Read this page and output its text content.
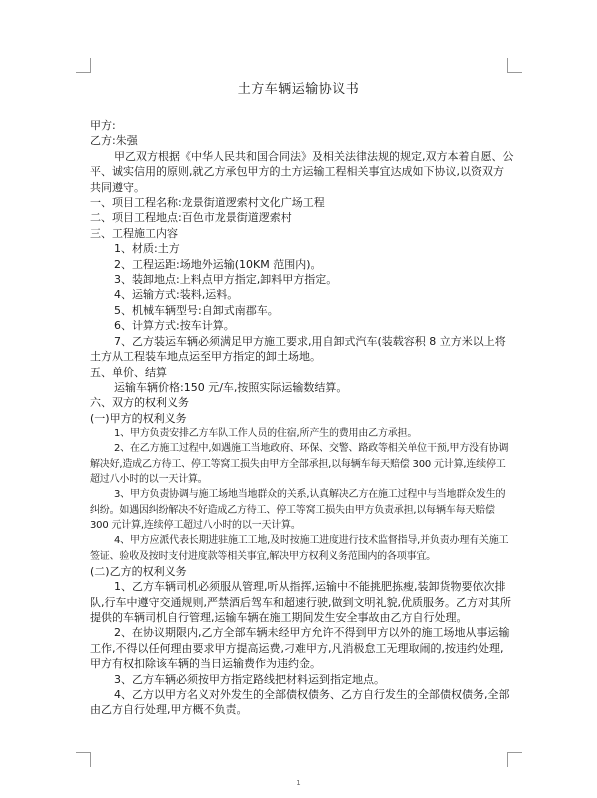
土方车辆运输协议书

甲方:

乙方:朱强

甲乙双方根据《中华人民共和国合同法》及相关法律法规的规定,双方本着自愿、公平、诚实信用的原则,就乙方承包甲方的土方运输工程相关事宜达成如下协议,以资双方共同遵守。

一、项目工程名称:龙景街道逻索村文化广场工程

二、项目工程地点:百色市龙景街道逻索村

三、工程施工内容

1、材质:土方

2、工程运距:场地外运输(10KM 范围内)。

3、装卸地点:上料点甲方指定,卸料甲方指定。

4、运输方式:装料,运料。

5、机械车辆型号:自卸式南郡车。

6、计算方式:按车计算。

7、乙方装运车辆必须满足甲方施工要求,用自卸式汽车(装载容积 8 立方米以上将土方从工程装车地点运至甲方指定的卸土场地。

五、单价、结算

运输车辆价格:150 元/车,按照实际运输数结算。

六、双方的权利义务

(一)甲方的权利义务

1、甲方负责安排乙方车队工作人员的住宿,所产生的费用由乙方承担。

2、在乙方施工过程中,如遇施工当地政府、环保、交警、路政等相关单位干预,甲方没有协调解决好,造成乙方待工、停工等窝工损失由甲方全部承担,以每辆车每天赔偿 300 元计算,连续停工超过八小时的以一天计算。

3、甲方负责协调与施工场地当地群众的关系,认真解决乙方在施工过程中与当地群众发生的纠纷。如遇因纠纷解决不好造成乙方待工、停工等窝工损失由甲方负责承担,以每辆车每天赔偿 300 元计算,连续停工超过八小时的以一天计算。

4、甲方应派代表长期进驻施工工地,及时按施工进度进行技术监督指导,并负责办理有关施工签证、验收及按时支付进度款等相关事宜,解决甲方权利义务范围内的各项事宜。

(二)乙方的权利义务

1、乙方车辆司机必须服从管理,听从指挥,运输中不能挑肥拣瘦,装卸货物要依次排队,行车中遵守交通规则,严禁酒后驾车和超速行驶,做到文明礼貌,优质服务。乙方对其所提供的车辆司机自行管理,运输车辆在施工期间发生安全事故由乙方自行处理。

2、在协议期限内,乙方全部车辆未经甲方允许不得到甲方以外的施工场地从事运输工作,不得以任何理由要求甲方提高运费,刁难甲方,凡消极怠工无理取闹的,按违约处理,甲方有权扣除该车辆的当日运输费作为违约金。

3、乙方车辆必须按甲方指定路线把材料运到指定地点。

4、乙方以甲方名义对外发生的全部债权债务、乙方自行发生的全部债权债务,全部由乙方自行处理,甲方概不负责。

1
